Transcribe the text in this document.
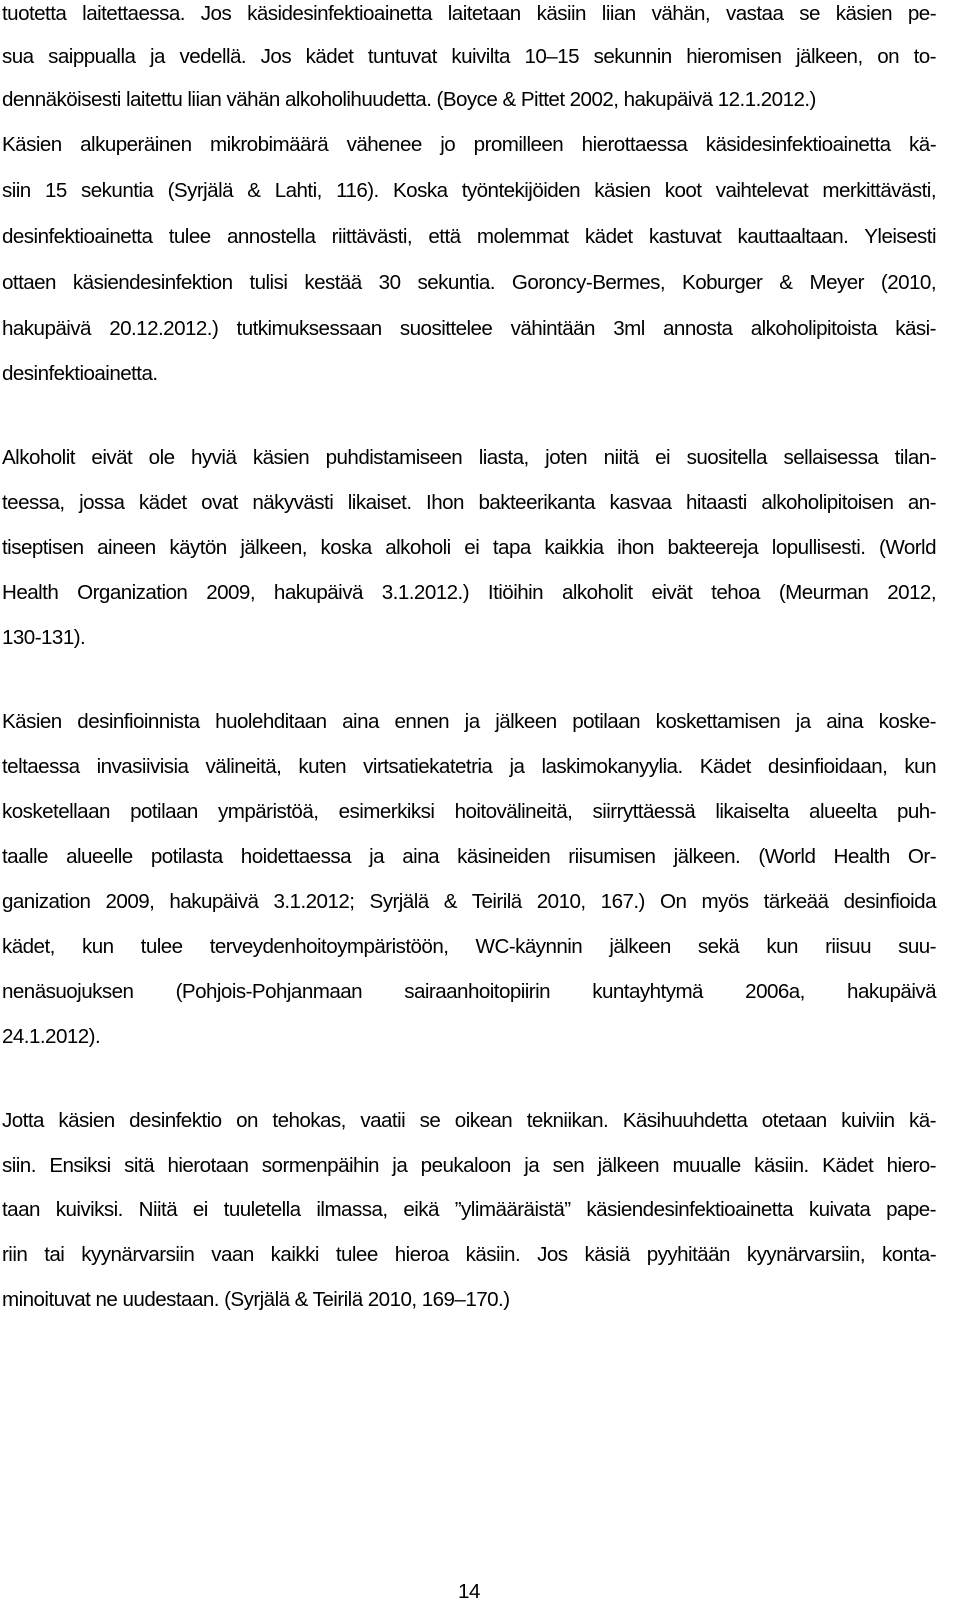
tuotetta laitettaessa. Jos käsidesinfektioainetta laitetaan käsiin liian vähän, vastaa se käsien pe-
sua saippualla ja vedellä. Jos kädet tuntuvat kuivilta 10–15 sekunnin hieromisen jälkeen, on to-
dennäköisesti laitettu liian vähän alkoholihuudetta. (Boyce & Pittet 2002, hakupäivä 12.1.2012.)
Käsien alkuperäinen mikrobimäärä vähenee jo promilleen hierottaessa käsidesinfektioainetta kä-
siin 15 sekuntia (Syrjälä & Lahti, 116). Koska työntekijöiden käsien koot vaihtelevat merkittävästi,
desinfektioainetta tulee annostella riittävästi, että molemmat kädet kastuvat kauttaaltaan. Yleisesti
ottaen käsiendesinfektion tulisi kestää 30 sekuntia. Goroncy-Bermes, Koburger & Meyer (2010,
hakupäivä 20.12.2012.) tutkimuksessaan suosittelee vähintään 3ml annosta alkoholipitoista käsi-
desinfektioainetta.
Alkoholit eivät ole hyviä käsien puhdistamiseen liasta, joten niitä ei suositella sellaisessa tilan-
teessa, jossa kädet ovat näkyvästi likaiset. Ihon bakteerikanta kasvaa hitaasti alkoholipitoisen an-
tiseptisen aineen käytön jälkeen, koska alkoholi ei tapa kaikkia ihon bakteereja lopullisesti. (World
Health Organization 2009, hakupäivä 3.1.2012.) Itiöihin alkoholit eivät tehoa (Meurman 2012,
130-131).
Käsien desinfioinnista huolehditaan aina ennen ja jälkeen potilaan koskettamisen ja aina koske-
teltaessa invasiivisia välineitä, kuten virtsatiekatetria ja laskimokanyylia. Kädet desinfioidaan, kun
kosketellaan potilaan ympäristöä, esimerkiksi hoitovälineitä, siirryttäessä likaiselta alueelta puh-
taalle alueelle potilasta hoidettaessa ja aina käsineiden riisumisen jälkeen. (World Health Or-
ganization 2009, hakupäivä 3.1.2012; Syrjälä & Teirilä 2010, 167.) On myös tärkeää desinfioida
kädet, kun tulee terveydenhoitoympäristöön, WC-käynnin jälkeen sekä kun riisuu suu-
nenäsuojuksen (Pohjois-Pohjanmaan sairaanhoitopiirin kuntayhtymä 2006a, hakupäivä
24.1.2012).
Jotta käsien desinfektio on tehokas, vaatii se oikean tekniikan. Käsihuuhdetta otetaan kuiviin kä-
siin. Ensiksi sitä hierotaan sormenpäihin ja peukaloon ja sen jälkeen muualle käsiin. Kädet hiero-
taan kuiviksi. Niitä ei tuuletella ilmassa, eikä ”ylimääräistä” käsiendesinfektioainetta kuivata pape-
riin tai kyynärvarsiin vaan kaikki tulee hieroa käsiin. Jos käsiä pyyhitään kyynärvarsiin, konta-
minoituvat ne uudestaan. (Syrjälä & Teirilä 2010, 169–170.)
14
